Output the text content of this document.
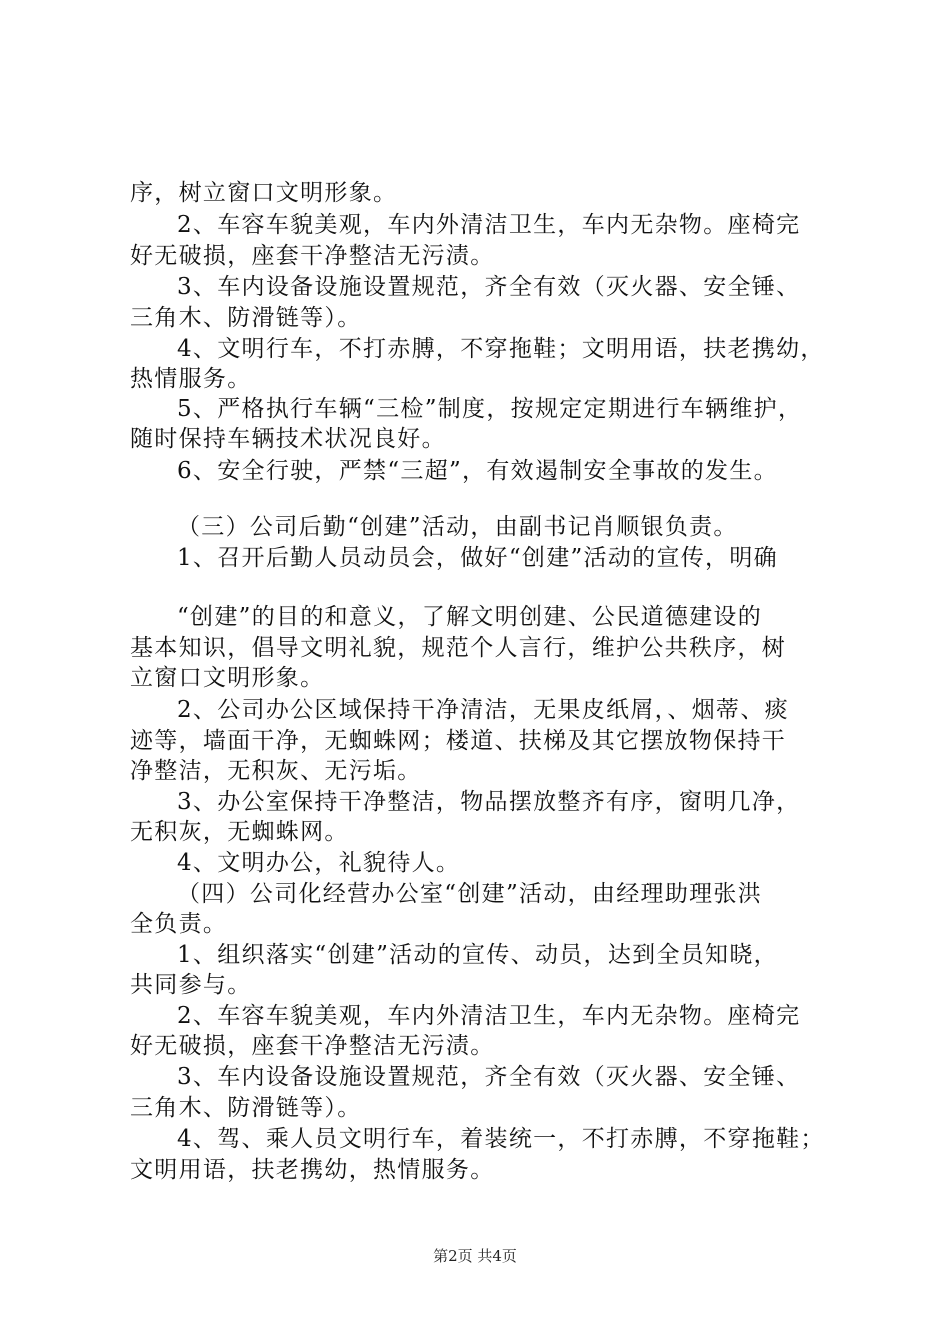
序，树立窗口文明形象。
2、车容车貌美观，车内外清洁卫生，车内无杂物。座椅完
好无破损，座套干净整洁无污渍。
3、车内设备设施设置规范，齐全有效（灭火器、安全锤、
三角木、防滑链等）。
4、文明行车，不打赤膊，不穿拖鞋；文明用语，扶老携幼，
热情服务。
5、严格执行车辆“三检”制度，按规定定期进行车辆维护，
随时保持车辆技术状况良好。
6、安全行驶，严禁“三超”，有效遏制安全事故的发生。
（三）公司后勤“创建”活动，由副书记肖顺银负责。
1、召开后勤人员动员会，做好“创建”活动的宣传，明确
“创建”的目的和意义，了解文明创建、公民道德建设的
基本知识，倡导文明礼貌，规范个人言行，维护公共秩序，树
立窗口文明形象。
2、公司办公区域保持干净清洁，无果皮纸屑，、烟蒂、痰
迹等，墙面干净，无蜘蛛网；楼道、扶梯及其它摆放物保持干
净整洁，无积灰、无污垢。
3、办公室保持干净整洁，物品摆放整齐有序，窗明几净，
无积灰，无蜘蛛网。
4、文明办公，礼貌待人。
（四）公司化经营办公室“创建”活动，由经理助理张洪
全负责。
1、组织落实“创建”活动的宣传、动员，达到全员知晓，
共同参与。
2、车容车貌美观，车内外清洁卫生，车内无杂物。座椅完
好无破损，座套干净整洁无污渍。
3、车内设备设施设置规范，齐全有效（灭火器、安全锤、
三角木、防滑链等）。
4、驾、乘人员文明行车，着装统一，不打赤膊，不穿拖鞋；
文明用语，扶老携幼，热情服务。
第2页 共4页
